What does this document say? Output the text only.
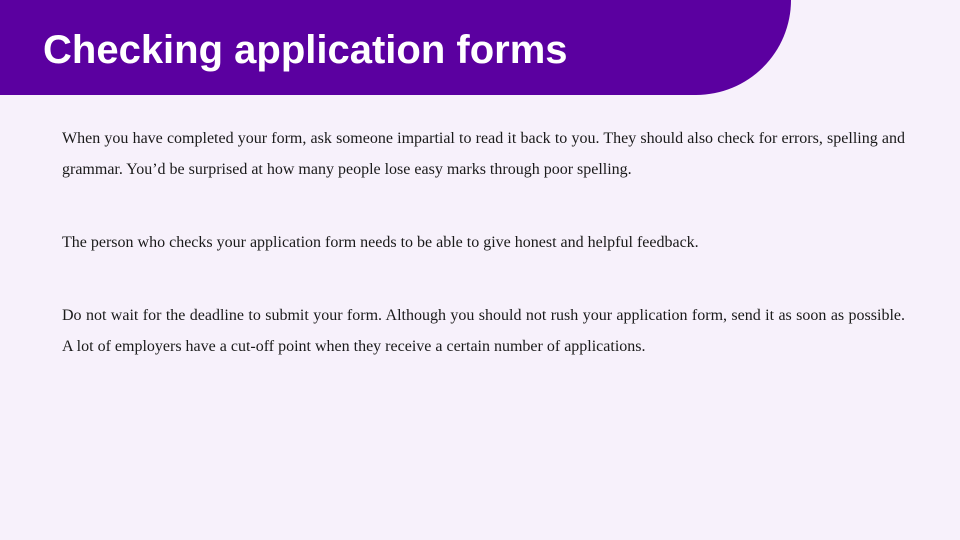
Checking application forms

When you have completed your form, ask someone impartial to read it back to you. They should also check for errors, spelling and grammar. You’d be surprised at how many people lose easy marks through poor spelling.

The person who checks your application form needs to be able to give honest and helpful feedback.

Do not wait for the deadline to submit your form. Although you should not rush your application form, send it as soon as possible. A lot of employers have a cut-off point when they receive a certain number of applications.
